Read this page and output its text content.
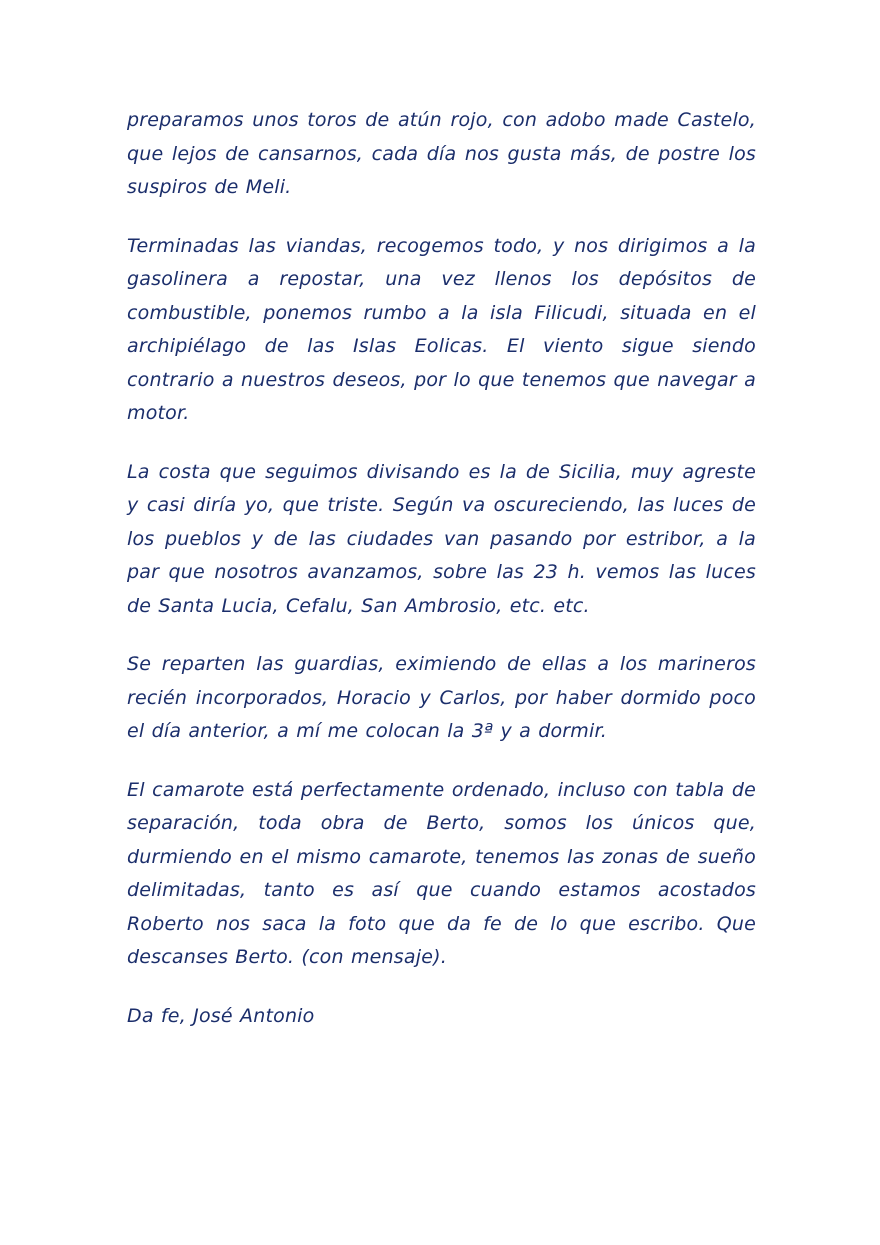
preparamos unos toros de atún rojo, con adobo made Castelo, que lejos de cansarnos, cada día nos gusta más, de postre los suspiros de Meli.

Terminadas las viandas, recogemos todo, y nos dirigimos a la gasolinera a repostar, una vez llenos los depósitos de combustible, ponemos rumbo a la isla Filicudi, situada en el archipiélago de las Islas Eolicas. El viento sigue siendo contrario a nuestros deseos, por lo que tenemos que navegar a motor.

La costa que seguimos divisando es la de Sicilia, muy agreste y casi diría yo, que triste. Según va oscureciendo, las luces de los pueblos y de las ciudades van pasando por estribor, a la par que nosotros avanzamos, sobre las 23 h. vemos las luces de Santa Lucia, Cefalu, San Ambrosio, etc. etc.

Se reparten las guardias, eximiendo de ellas a los marineros recién incorporados, Horacio y Carlos, por haber dormido poco el día anterior, a mí me colocan la 3ª y a dormir.

El camarote está perfectamente ordenado, incluso con tabla de separación, toda obra de Berto, somos los únicos que, durmiendo en el mismo camarote, tenemos las zonas de sueño delimitadas, tanto es así que cuando estamos acostados Roberto nos saca la foto que da fe de lo que escribo. Que descanses Berto. (con mensaje).

Da fe, José Antonio
